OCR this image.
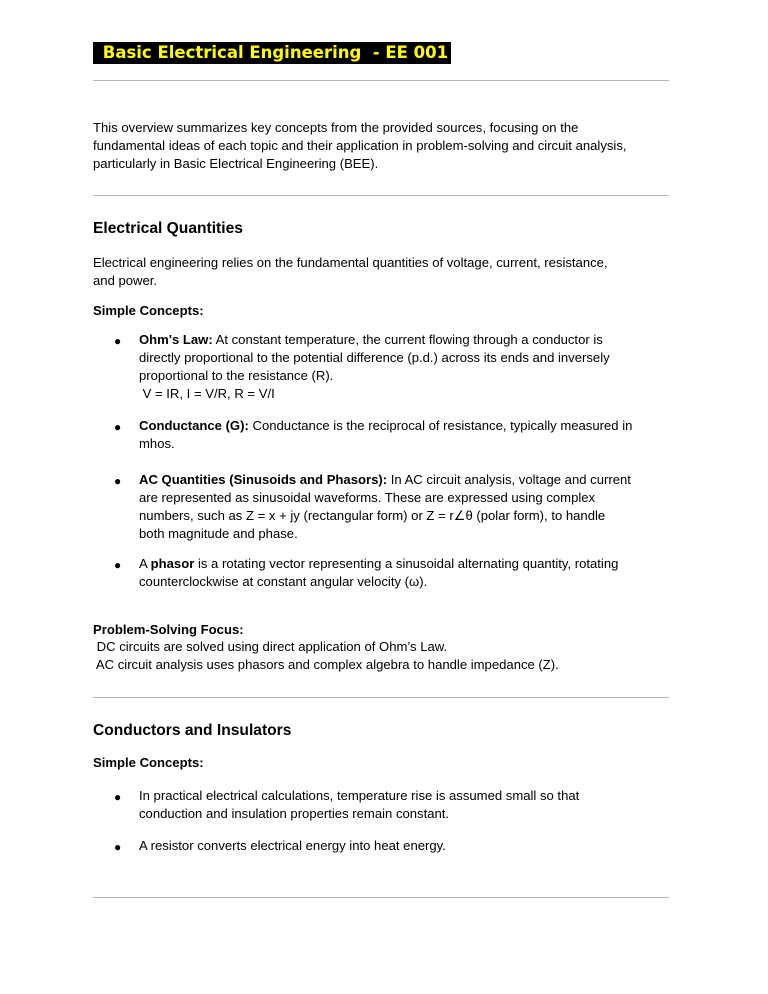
Basic Electrical Engineering  - EE 001

This overview summarizes key concepts from the provided sources, focusing on the
fundamental ideas of each topic and their application in problem-solving and circuit analysis,
particularly in Basic Electrical Engineering (BEE).

Electrical Quantities

Electrical engineering relies on the fundamental quantities of voltage, current, resistance,
and power.

Simple Concepts:

● Ohm's Law: At constant temperature, the current flowing through a conductor is
directly proportional to the potential difference (p.d.) across its ends and inversely
proportional to the resistance (R).
V = IR, I = V/R, R = V/I
● Conductance (G): Conductance is the reciprocal of resistance, typically measured in
mhos.
● AC Quantities (Sinusoids and Phasors): In AC circuit analysis, voltage and current
are represented as sinusoidal waveforms. These are expressed using complex
numbers, such as Z = x + jy (rectangular form) or Z = r∠θ (polar form), to handle
both magnitude and phase.
● A phasor is a rotating vector representing a sinusoidal alternating quantity, rotating
counterclockwise at constant angular velocity (ω).

Problem-Solving Focus:

DC circuits are solved using direct application of Ohm’s Law.
AC circuit analysis uses phasors and complex algebra to handle impedance (Z).

Conductors and Insulators

Simple Concepts:

● In practical electrical calculations, temperature rise is assumed small so that
conduction and insulation properties remain constant.
● A resistor converts electrical energy into heat energy.
